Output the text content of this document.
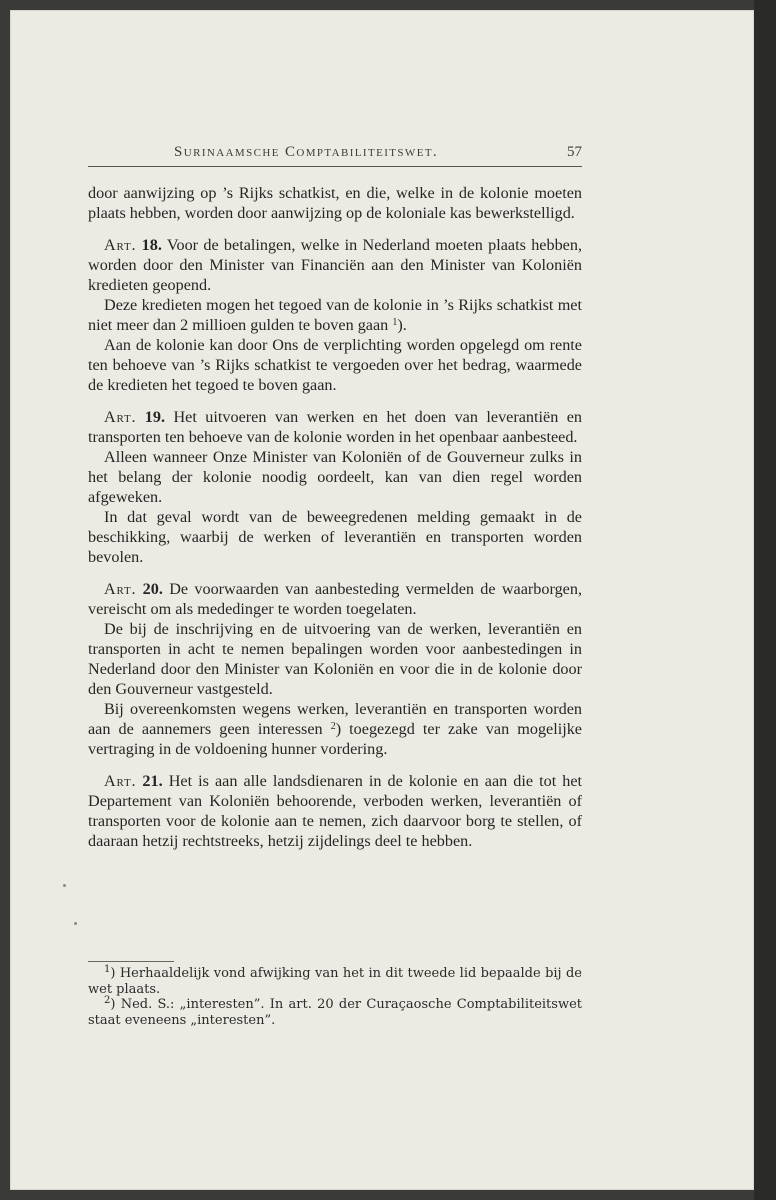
Surinaamsche Comptabiliteitswet.	57

door aanwijzing op ’s Rijks schatkist, en die, welke in de kolonie moeten plaats hebben, worden door aanwijzing op de koloniale kas bewerkstelligd.

Art. 18. Voor de betalingen, welke in Nederland moeten plaats hebben, worden door den Minister van Financiën aan den Minister van Koloniën kredieten geopend.

Deze kredieten mogen het tegoed van de kolonie in ’s Rijks schatkist met niet meer dan 2 millioen gulden te boven gaan $^1$).

Aan de kolonie kan door Ons de verplichting worden opgelegd om rente ten behoeve van ’s Rijks schatkist te vergoeden over het bedrag, waarmede de kredieten het tegoed te boven gaan.

Art. 19. Het uitvoeren van werken en het doen van leverantiën en transporten ten behoeve van de kolonie worden in het openbaar aanbesteed.

Alleen wanneer Onze Minister van Koloniën of de Gouverneur zulks in het belang der kolonie noodig oordeelt, kan van dien regel worden afgeweken.

In dat geval wordt van de beweegredenen melding gemaakt in de beschikking, waarbij de werken of leverantiën en transporten worden bevolen.

Art. 20. De voorwaarden van aanbesteding vermelden de waarborgen, vereischt om als mededinger te worden toegelaten.

De bij de inschrijving en de uitvoering van de werken, leverantiën en transporten in acht te nemen bepalingen worden voor aanbestedingen in Nederland door den Minister van Koloniën en voor die in de kolonie door den Gouverneur vastgesteld.

Bij overeenkomsten wegens werken, leverantiën en transporten worden aan de aannemers geen interessen $^2$) toegezegd ter zake van mogelijke vertraging in de voldoening hunner vordering.

Art. 21. Het is aan alle landsdienaren in de kolonie en aan die tot het Departement van Koloniën behoorende, verboden werken, leverantiën of transporten voor de kolonie aan te nemen, zich daarvoor borg te stellen, of daaraan hetzij rechtstreeks, hetzij zijdelings deel te hebben.

$^1$) Herhaaldelijk vond afwijking van het in dit tweede lid bepaalde bij de wet plaats.

$^2$) Ned. S.: „interesten”. In art. 20 der Curaçaosche Comptabiliteitswet staat eveneens „interesten”.
